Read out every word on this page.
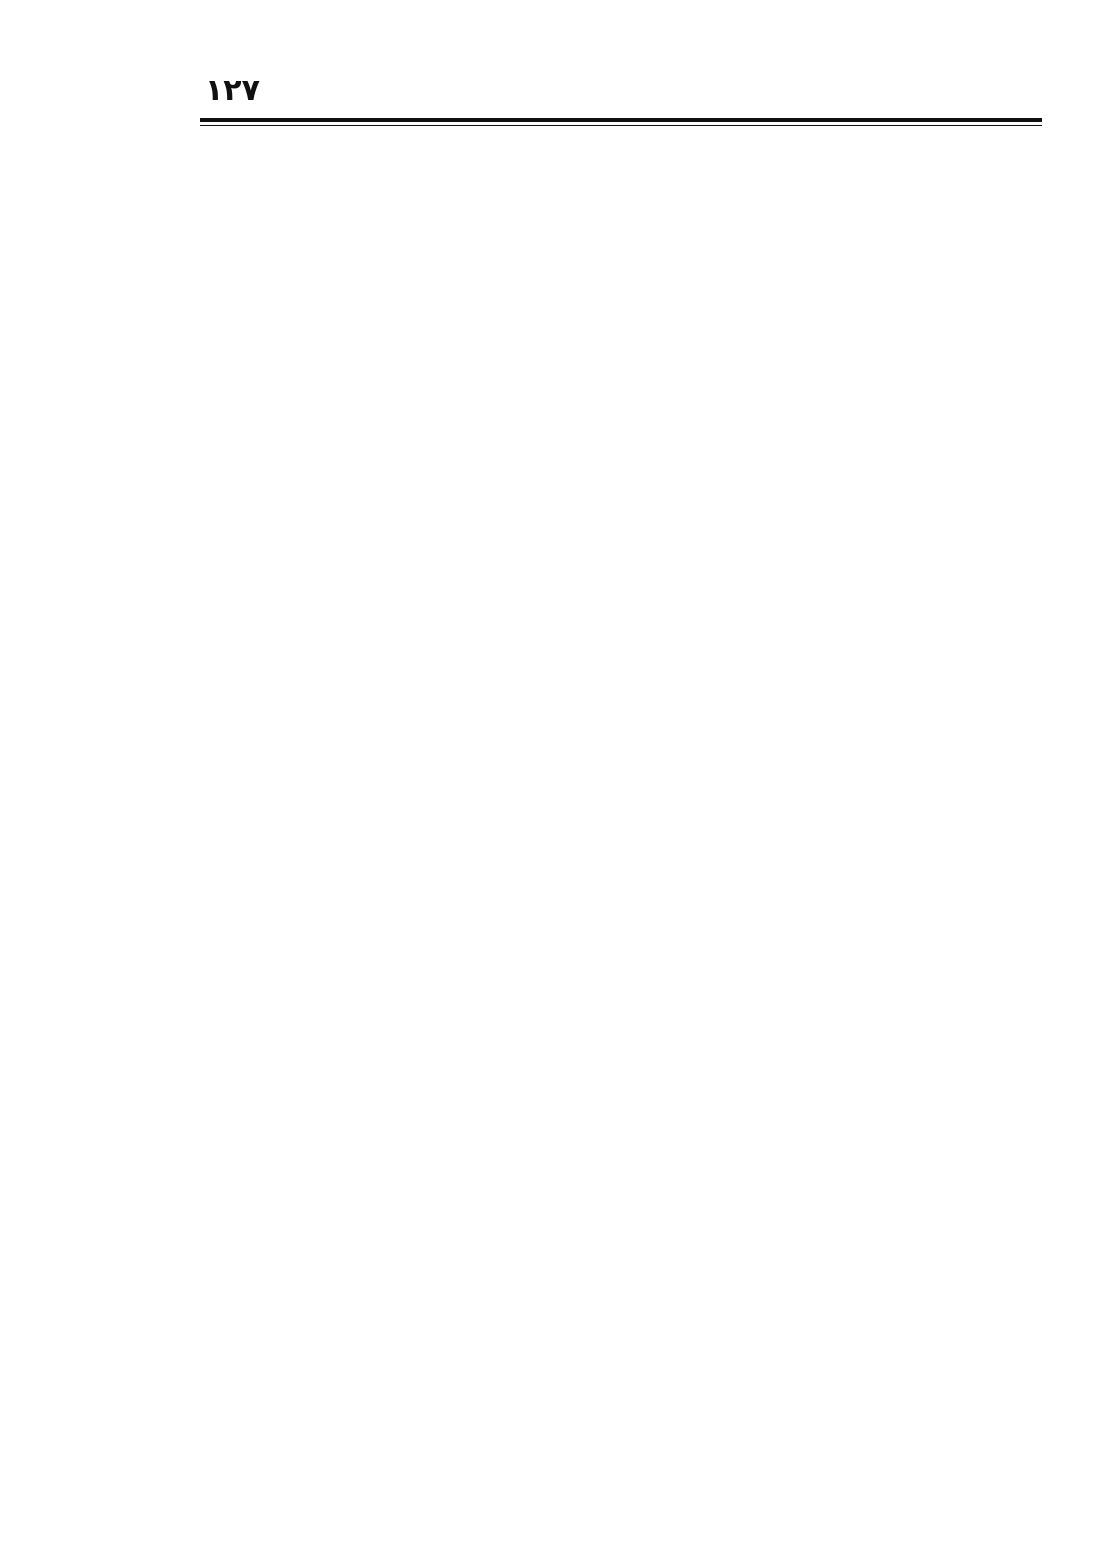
١٢٧
